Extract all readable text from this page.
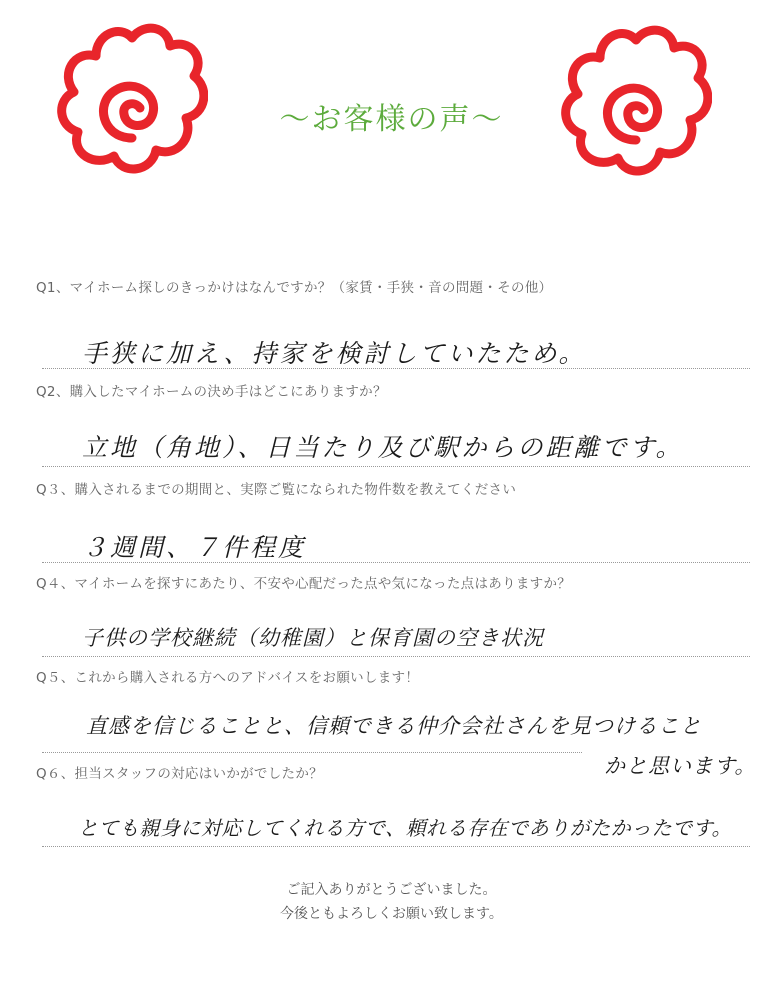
～お客様の声～
Q1、マイホーム探しのきっかけはなんですか？（家賃・手狭・音の問題・その他）
手狭に加え、持家を検討していたため。
Q2、購入したマイホームの決め手はどこにありますか？
立地（角地）、日当たり及び駅からの距離です。
Q３、購入されるまでの期間と、実際ご覧になられた物件数を教えてください
３週間、７件程度
Q４、マイホームを探すにあたり、不安や心配だった点や気になった点はありますか？
子供の学校継続（幼稚園）と保育園の空き状況
Q５、これから購入される方へのアドバイスをお願いします！
直感を信じることと、信頼できる仲介会社さんを見つけること
かと思います。
Q６、担当スタッフの対応はいかがでしたか？
とても親身に対応してくれる方で、頼れる存在でありがたかったです。
ご記入ありがとうございました。
今後ともよろしくお願い致します。
